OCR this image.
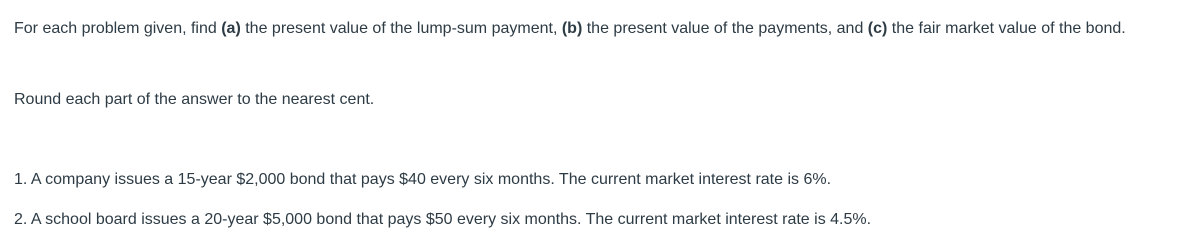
For each problem given, find (a) the present value of the lump-sum payment, (b) the present value of the payments, and (c) the fair market value of the bond.

Round each part of the answer to the nearest cent.

1. A company issues a 15-year $2,000 bond that pays $40 every six months. The current market interest rate is 6%.

2. A school board issues a 20-year $5,000 bond that pays $50 every six months. The current market interest rate is 4.5%.
